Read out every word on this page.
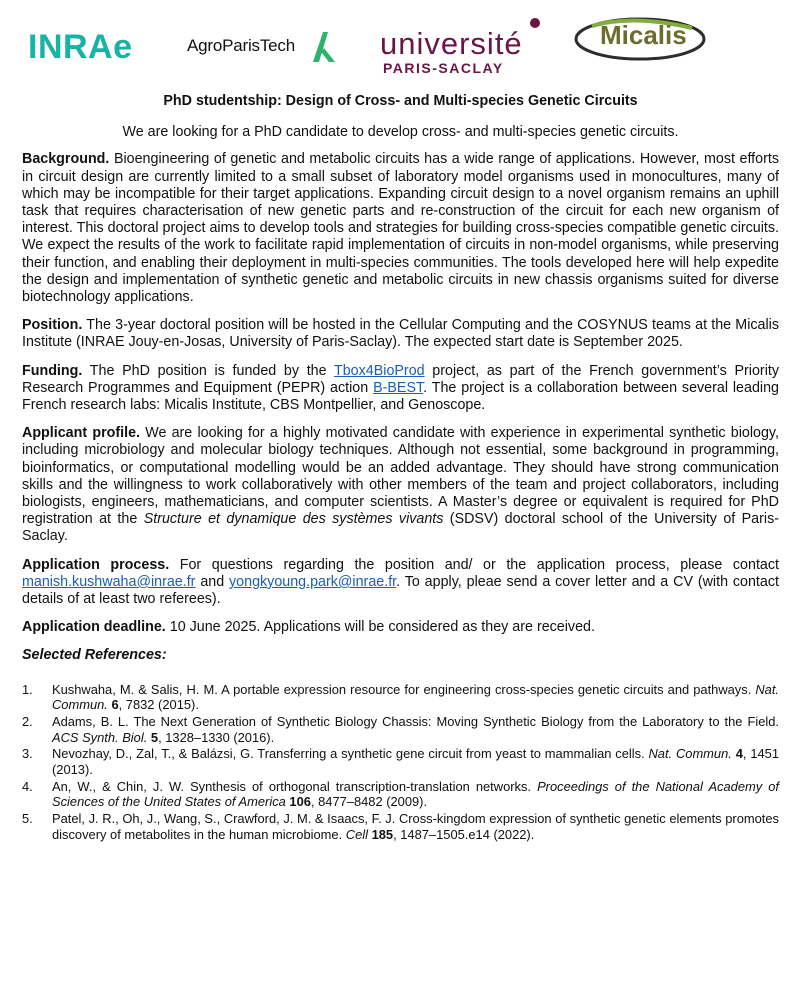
INRAe	AgroParisTech	université
PARIS-SACLAY
Micalis
PhD studentship: Design of Cross- and Multi-species Genetic Circuits
We are looking for a PhD candidate to develop cross- and multi-species genetic circuits.

Background. Bioengineering of genetic and metabolic circuits has a wide range of applications. However, most efforts in circuit design are currently limited to a small subset of laboratory model organisms used in monocultures, many of which may be incompatible for their target applications. Expanding circuit design to a novel organism remains an uphill task that requires characterisation of new genetic parts and re-construction of the circuit for each new organism of interest. This doctoral project aims to develop tools and strategies for building cross-species compatible genetic circuits. We expect the results of the work to facilitate rapid implementation of circuits in non-model organisms, while preserving their function, and enabling their deployment in multi-species communities. The tools developed here will help expedite the design and implementation of synthetic genetic and metabolic circuits in new chassis organisms suited for diverse biotechnology applications.

Position. The 3-year doctoral position will be hosted in the Cellular Computing and the COSYNUS teams at the Micalis Institute (INRAE Jouy-en-Josas, University of Paris-Saclay). The expected start date is September 2025.

Funding. The PhD position is funded by the Tbox4BioProd project, as part of the French government’s Priority Research Programmes and Equipment (PEPR) action B-BEST. The project is a collaboration between several leading French research labs: Micalis Institute, CBS Montpellier, and Genoscope.

Applicant profile. We are looking for a highly motivated candidate with experience in experimental synthetic biology, including microbiology and molecular biology techniques. Although not essential, some background in programming, bioinformatics, or computational modelling would be an added advantage. They should have strong communication skills and the willingness to work collaboratively with other members of the team and project collaborators, including biologists, engineers, mathematicians, and computer scientists. A Master’s degree or equivalent is required for PhD registration at the Structure et dynamique des systèmes vivants (SDSV) doctoral school of the University of Paris-Saclay.

Application process. For questions regarding the position and/ or the application process, please contact manish.kushwaha@inrae.fr and yongkyoung.park@inrae.fr. To apply, pleae send a cover letter and a CV (with contact details of at least two referees).

Application deadline. 10 June 2025. Applications will be considered as they are received.

Selected References:
1. Kushwaha, M. & Salis, H. M. A portable expression resource for engineering cross-species genetic circuits and pathways. Nat. Commun. 6, 7832 (2015).
2. Adams, B. L. The Next Generation of Synthetic Biology Chassis: Moving Synthetic Biology from the Laboratory to the Field. ACS Synth. Biol. 5, 1328–1330 (2016).
3. Nevozhay, D., Zal, T., & Balázsi, G. Transferring a synthetic gene circuit from yeast to mammalian cells. Nat. Commun. 4, 1451 (2013).
4. An, W., & Chin, J. W. Synthesis of orthogonal transcription-translation networks. Proceedings of the National Academy of Sciences of the United States of America 106, 8477–8482 (2009).
5. Patel, J. R., Oh, J., Wang, S., Crawford, J. M. & Isaacs, F. J. Cross-kingdom expression of synthetic genetic elements promotes discovery of metabolites in the human microbiome. Cell 185, 1487–1505.e14 (2022).
